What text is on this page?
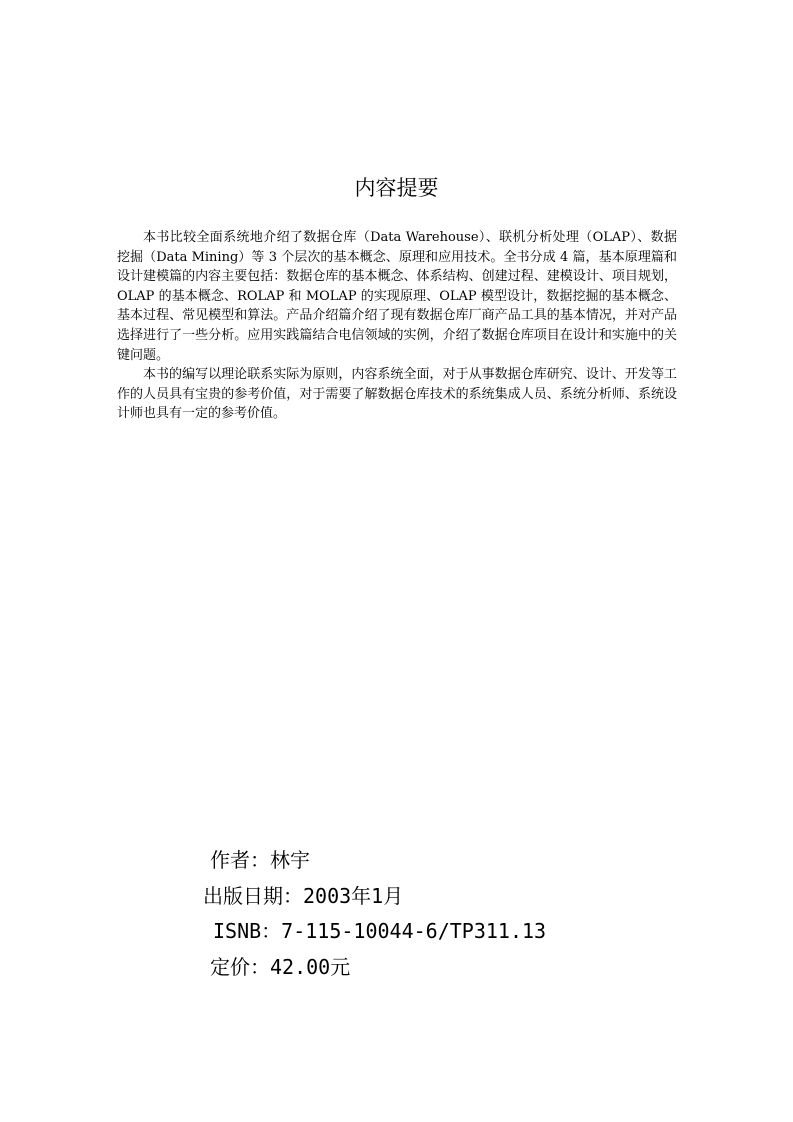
内容提要

本书比较全面系统地介绍了数据仓库（Data Warehouse）、联机分析处理（OLAP）、数据挖掘（Data Mining）等 3 个层次的基本概念、原理和应用技术。全书分成 4 篇，基本原理篇和设计建模篇的内容主要包括：数据仓库的基本概念、体系结构、创建过程、建模设计、项目规划，OLAP 的基本概念、ROLAP 和 MOLAP 的实现原理、OLAP 模型设计，数据挖掘的基本概念、基本过程、常见模型和算法。产品介绍篇介绍了现有数据仓库厂商产品工具的基本情况，并对产品选择进行了一些分析。应用实践篇结合电信领域的实例，介绍了数据仓库项目在设计和实施中的关键问题。

本书的编写以理论联系实际为原则，内容系统全面，对于从事数据仓库研究、设计、开发等工作的人员具有宝贵的参考价值，对于需要了解数据仓库技术的系统集成人员、系统分析师、系统设计师也具有一定的参考价值。

作者：林宇
出版日期：2003年1月
ISNB：7-115-10044-6/TP311.13
定价：42.00元
